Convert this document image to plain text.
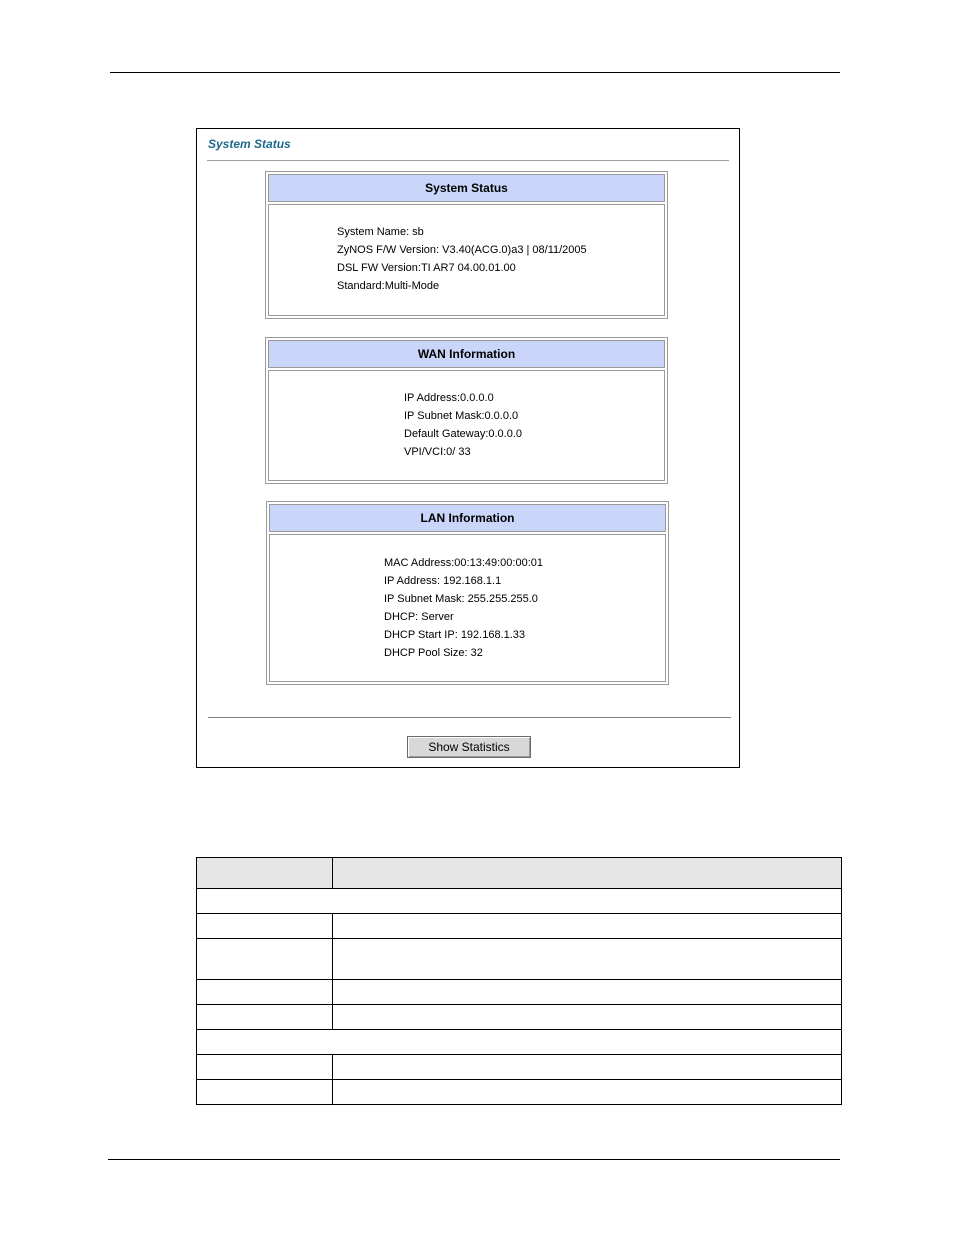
System Status
System Status
System Name: sb
ZyNOS F/W Version: V3.40(ACG.0)a3 | 08/11/2005
DSL FW Version:TI AR7 04.00.01.00
Standard:Multi-Mode
WAN Information
IP Address:0.0.0.0
IP Subnet Mask:0.0.0.0
Default Gateway:0.0.0.0
VPI/VCI:0/ 33
LAN Information
MAC Address:00:13:49:00:00:01
IP Address: 192.168.1.1
IP Subnet Mask: 255.255.255.0
DHCP: Server
DHCP Start IP: 192.168.1.33
DHCP Pool Size: 32
Show Statistics
